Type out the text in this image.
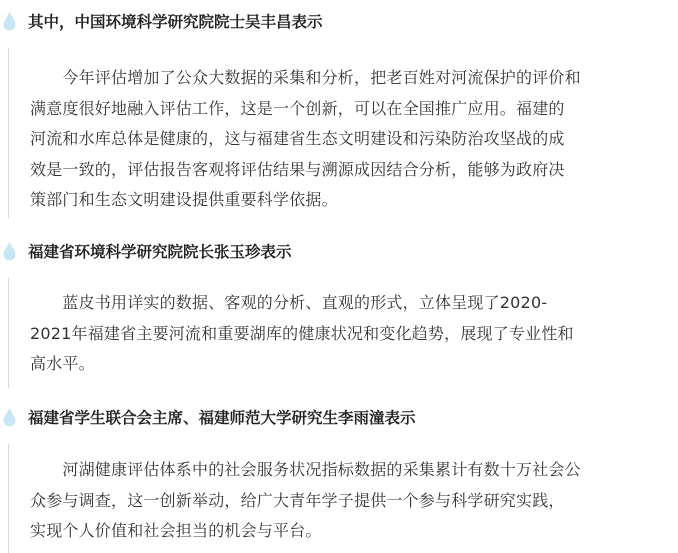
其中，中国环境科学研究院院士吴丰昌表示
　　今年评估增加了公众大数据的采集和分析，把老百姓对河流保护的评价和
满意度很好地融入评估工作，这是一个创新，可以在全国推广应用。福建的
河流和水库总体是健康的，这与福建省生态文明建设和污染防治攻坚战的成
效是一致的，评估报告客观将评估结果与溯源成因结合分析，能够为政府决
策部门和生态文明建设提供重要科学依据。
福建省环境科学研究院院长张玉珍表示
　　蓝皮书用详实的数据、客观的分析、直观的形式，立体呈现了2020-
2021年福建省主要河流和重要湖库的健康状况和变化趋势，展现了专业性和
高水平。
福建省学生联合会主席、福建师范大学研究生李雨潼表示
　　河湖健康评估体系中的社会服务状况指标数据的采集累计有数十万社会公
众参与调查，这一创新举动，给广大青年学子提供一个参与科学研究实践，
实现个人价值和社会担当的机会与平台。
